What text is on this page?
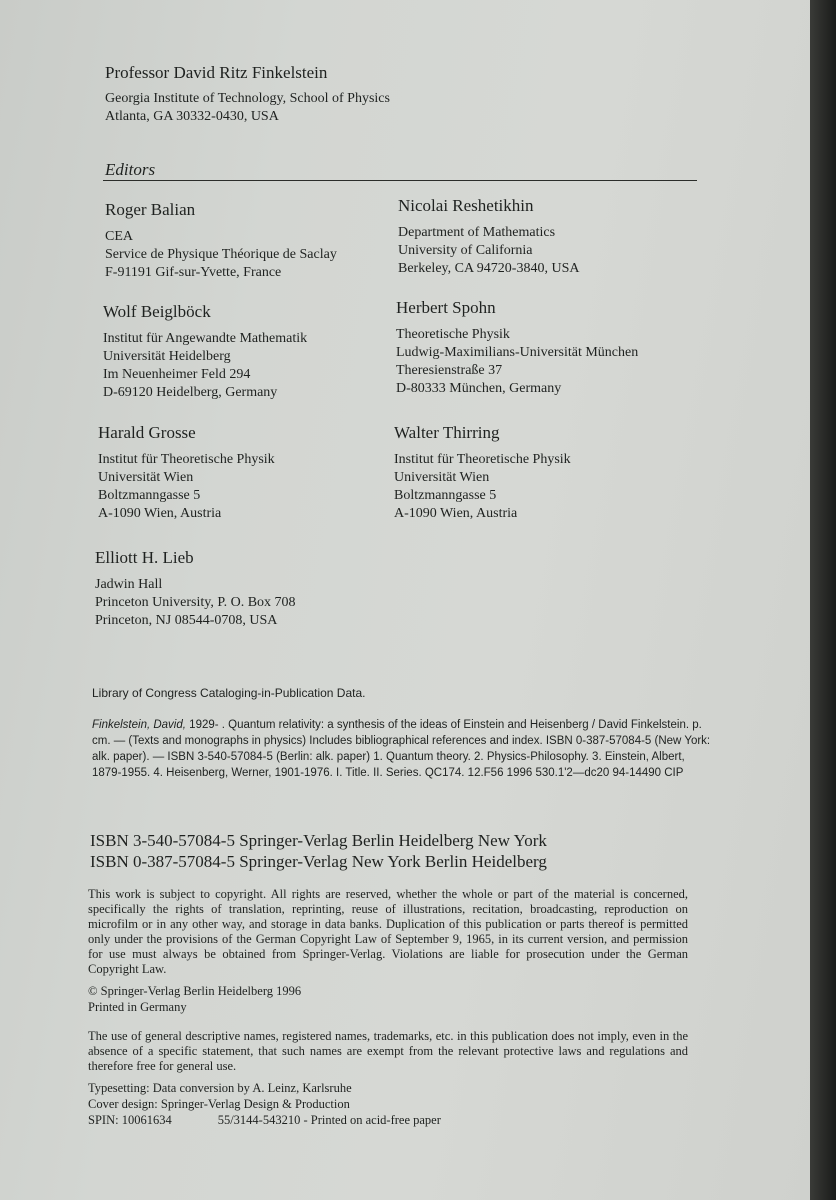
Professor David Ritz Finkelstein
Georgia Institute of Technology, School of Physics
Atlanta, GA 30332-0430, USA
Editors
Roger Balian
CEA
Service de Physique Théorique de Saclay
F-91191 Gif-sur-Yvette, France
Nicolai Reshetikhin
Department of Mathematics
University of California
Berkeley, CA 94720-3840, USA
Wolf Beiglböck
Institut für Angewandte Mathematik
Universität Heidelberg
Im Neuenheimer Feld 294
D-69120 Heidelberg, Germany
Herbert Spohn
Theoretische Physik
Ludwig-Maximilians-Universität München
Theresienstraße 37
D-80333 München, Germany
Harald Grosse
Institut für Theoretische Physik
Universität Wien
Boltzmanngasse 5
A-1090 Wien, Austria
Walter Thirring
Institut für Theoretische Physik
Universität Wien
Boltzmanngasse 5
A-1090 Wien, Austria
Elliott H. Lieb
Jadwin Hall
Princeton University, P. O. Box 708
Princeton, NJ 08544-0708, USA
Library of Congress Cataloging-in-Publication Data.
Finkelstein, David, 1929- . Quantum relativity: a synthesis of the ideas of Einstein and Heisenberg / David Finkelstein. p. cm. — (Texts and monographs in physics) Includes bibliographical references and index. ISBN 0-387-57084-5 (New York: alk. paper). — ISBN 3-540-57084-5 (Berlin: alk. paper) 1. Quantum theory. 2. Physics-Philosophy. 3. Einstein, Albert, 1879-1955. 4. Heisenberg, Werner, 1901-1976. I. Title. II. Series. QC174. 12.F56 1996 530.1'2—dc20 94-14490 CIP
ISBN 3-540-57084-5 Springer-Verlag Berlin Heidelberg New York
ISBN 0-387-57084-5 Springer-Verlag New York Berlin Heidelberg
This work is subject to copyright. All rights are reserved, whether the whole or part of the material is concerned, specifically the rights of translation, reprinting, reuse of illustrations, recitation, broadcasting, reproduction on microfilm or in any other way, and storage in data banks. Duplication of this publication or parts thereof is permitted only under the provisions of the German Copyright Law of September 9, 1965, in its current version, and permission for use must always be obtained from Springer-Verlag. Violations are liable for prosecution under the German Copyright Law.
© Springer-Verlag Berlin Heidelberg 1996
Printed in Germany
The use of general descriptive names, registered names, trademarks, etc. in this publication does not imply, even in the absence of a specific statement, that such names are exempt from the relevant protective laws and regulations and therefore free for general use.
Typesetting: Data conversion by A. Leinz, Karlsruhe
Cover design: Springer-Verlag Design & Production
SPIN: 10061634	55/3144-543210 - Printed on acid-free paper
